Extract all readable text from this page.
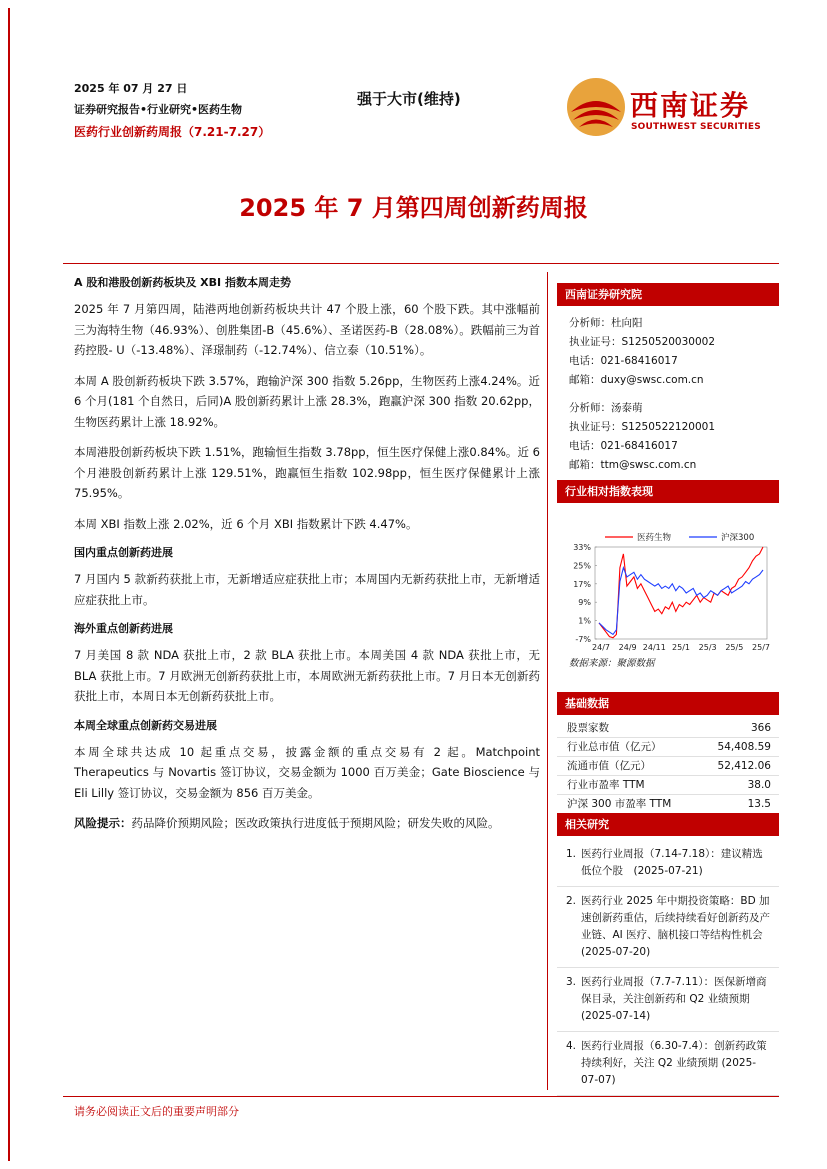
2025 年 07 月 27 日
证券研究报告•行业研究•医药生物
医药行业创新药周报（7.21-7.27）
强于大市(维持)	西南证券
SOUTHWEST SECURITIES
2025 年 7 月第四周创新药周报
A 股和港股创新药板块及 XBI 指数本周走势

2025 年 7 月第四周，陆港两地创新药板块共计 47 个股上涨，60 个股下跌。其中涨幅前三为海特生物（46.93%）、创胜集团-B（45.6%）、圣诺医药-B（28.08%）。跌幅前三为首药控股- U（-13.48%）、泽璟制药（-12.74%）、信立泰（10.51%）。

本周 A 股创新药板块下跌 3.57%，跑输沪深 300 指数 5.26pp，生物医药上涨4.24%。近 6 个月(181 个自然日，后同)A 股创新药累计上涨 28.3%，跑赢沪深 300 指数 20.62pp，生物医药累计上涨 18.92%。

本周港股创新药板块下跌 1.51%，跑输恒生指数 3.78pp，恒生医疗保健上涨0.84%。近 6 个月港股创新药累计上涨 129.51%，跑赢恒生指数 102.98pp，恒生医疗保健累计上涨 75.95%。

本周 XBI 指数上涨 2.02%，近 6 个月 XBI 指数累计下跌 4.47%。

国内重点创新药进展

7 月国内 5 款新药获批上市，无新增适应症获批上市；本周国内无新药获批上市，无新增适应症获批上市。

海外重点创新药进展

7 月美国 8 款 NDA 获批上市，2 款 BLA 获批上市。本周美国 4 款 NDA 获批上市，无 BLA 获批上市。7 月欧洲无创新药获批上市，本周欧洲无新药获批上市。7 月日本无创新药获批上市，本周日本无创新药获批上市。

本周全球重点创新药交易进展

本周全球共达成 10 起重点交易，披露金额的重点交易有 2 起。Matchpoint Therapeutics 与 Novartis 签订协议，交易金额为 1000 百万美金；Gate Bioscience 与 Eli Lilly 签订协议，交易金额为 856 百万美金。

风险提示：药品降价预期风险；医改政策执行进度低于预期风险；研发失败的风险。

西南证券研究院
分析师：杜向阳
执业证号：S1250520030002
电话：021-68416017
邮箱：duxy@swsc.com.cn
分析师：汤泰萌
执业证号：S1250522120001
电话：021-68416017
邮箱：ttm@swsc.com.cn
行业相对指数表现
33%
25%
17%
9%
1%
-7%
24/7 24/9 24/11 25/1 25/3 25/5 25/7
医药生物	沪深300
数据来源：聚源数据
基础数据
股票家数	366
行业总市值（亿元）	54,408.59
流通市值（亿元）	52,412.06
行业市盈率 TTM	38.0
沪深 300 市盈率 TTM	13.5
相关研究
1. 医药行业周报（7.14-7.18）：建议精选低位个股　(2025-07-21)
2. 医药行业 2025 年中期投资策略：BD 加速创新药重估，后续持续看好创新药及产业链、AI 医疗、脑机接口等结构性机会　(2025-07-20)
3. 医药行业周报（7.7-7.11）：医保新增商保目录，关注创新药和 Q2 业绩预期 (2025-07-14)
4. 医药行业周报（6.30-7.4）：创新药政策持续利好，关注 Q2 业绩预期 (2025-07-07)
请务必阅读正文后的重要声明部分
